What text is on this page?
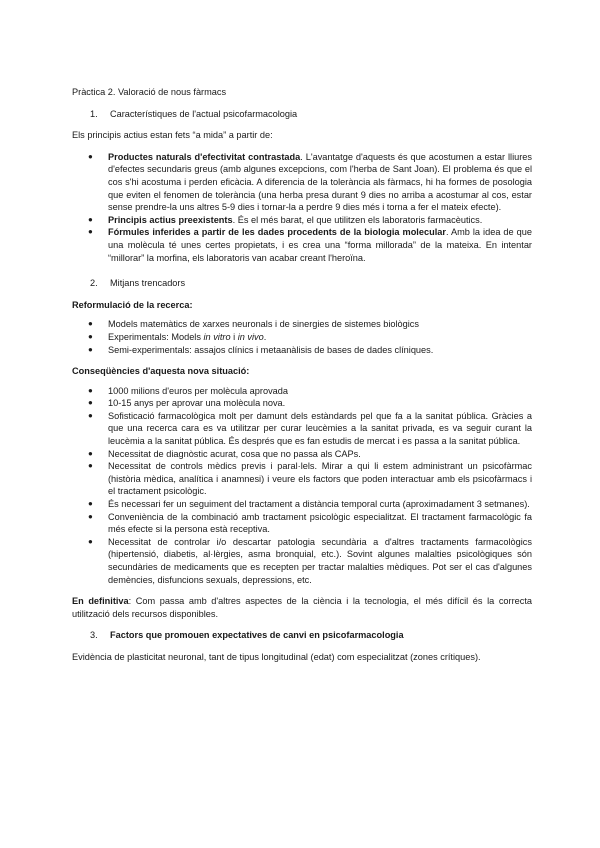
Pràctica 2. Valoració de nous fàrmacs
1.	Característiques de l'actual psicofarmacologia

Els principis actius estan fets “a mida” a partir de:

●	Productes naturals d'efectivitat contrastada. L'avantatge d'aquests és que acostumen a estar lliures d'efectes secundaris greus (amb algunes excepcions, com l'herba de Sant Joan). El problema és que el cos s'hi acostuma i perden eficàcia. A diferencia de la tolerància als fàrmacs, hi ha formes de posologia que eviten el fenomen de tolerància (una herba presa durant 9 dies no arriba a acostumar al cos, estar sense prendre-la uns altres 5-9 dies i tornar-la a perdre 9 dies més i torna a fer el mateix efecte).
●	Principis actius preexistents. És el més barat, el que utilitzen els laboratoris farmacèutics.
●	Fórmules inferides a partir de les dades procedents de la biologia molecular. Amb la idea de que una molècula té unes certes propietats, i es crea una “forma millorada” de la mateixa. En intentar “millorar” la morfina, els laboratoris van acabar creant l'heroïna.
2.	Mitjans trencadors
Reformulació de la recerca:
●	Models matemàtics de xarxes neuronals i de sinergies de sistemes biològics
●	Experimentals: Models in vitro i in vivo.
●	Semi-experimentals: assajos clínics i metaanàlisis de bases de dades clíniques.
Conseqüències d'aquesta nova situació:
●	1000 milions d'euros per molècula aprovada
●	10-15 anys per aprovar una molècula nova.
●	Sofisticació farmacològica molt per damunt dels estàndards pel que fa a la sanitat pública. Gràcies a que una recerca cara es va utilitzar per curar leucèmies a la sanitat privada, es va seguir curant la leucèmia a la sanitat pública. És després que es fan estudis de mercat i es passa a la sanitat pública.
●	Necessitat de diagnòstic acurat, cosa que no passa als CAPs.
●	Necessitat de controls mèdics previs i paral·lels. Mirar a qui li estem administrant un psicofàrmac (història mèdica, analítica i anamnesi) i veure els factors que poden interactuar amb els psicofàrmacs i el tractament psicològic.
●	És necessari fer un seguiment del tractament a distància temporal curta (aproximadament 3 setmanes).
●	Conveniència de la combinació amb tractament psicològic especialitzat. El tractament farmacològic fa més efecte si la persona està receptiva.
●	Necessitat de controlar i/o descartar patologia secundària a d'altres tractaments farmacològics (hipertensió, diabetis, al·lèrgies, asma bronquial, etc.). Sovint algunes malalties psicològiques són secundàries de medicaments que es recepten per tractar malalties mèdiques. Pot ser el cas d'algunes demències, disfuncions sexuals, depressions, etc.

En definitiva: Com passa amb d'altres aspectes de la ciència i la tecnologia, el més difícil és la correcta utilització dels recursos disponibles.

3.	Factors que promouen expectatives de canvi en psicofarmacologia

Evidència de plasticitat neuronal, tant de tipus longitudinal (edat) com especialitzat (zones crítiques).
